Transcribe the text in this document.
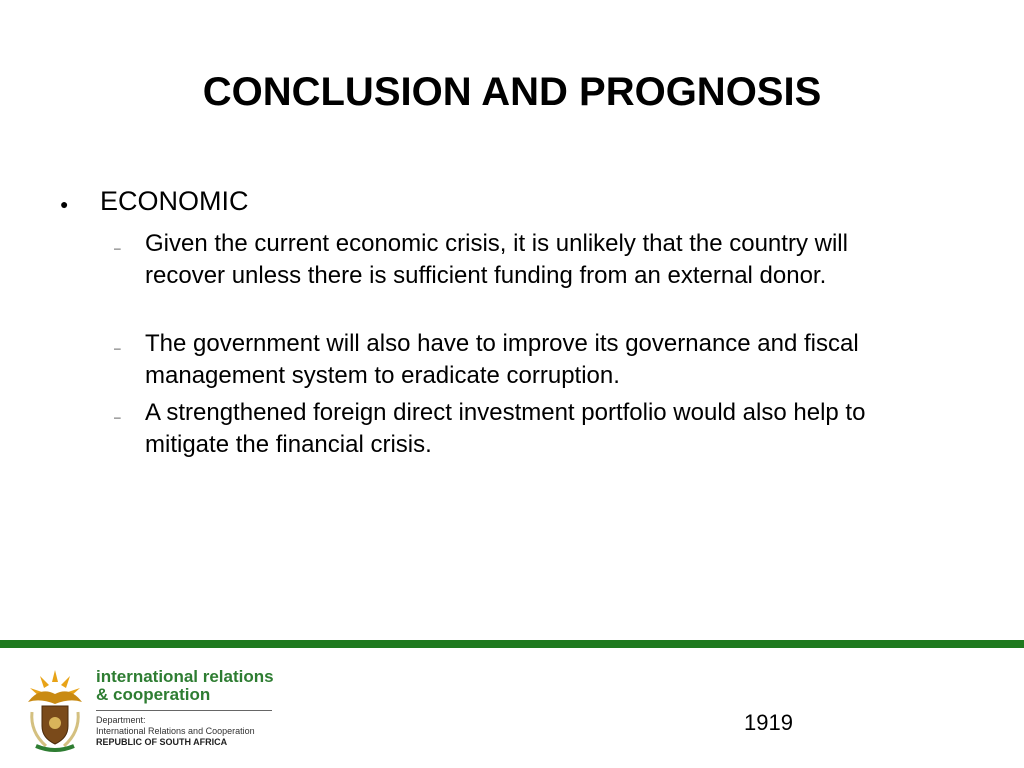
CONCLUSION AND PROGNOSIS
● ECONOMIC
– Given the current economic crisis, it is unlikely that the country will recover unless there is sufficient funding from an external donor.
– The government will also have to improve its governance and fiscal management system to eradicate corruption.
– A strengthened foreign direct investment portfolio would also help to mitigate the financial crisis.
international relations
& cooperation
Department:
International Relations and Cooperation
REPUBLIC OF SOUTH AFRICA
1919
